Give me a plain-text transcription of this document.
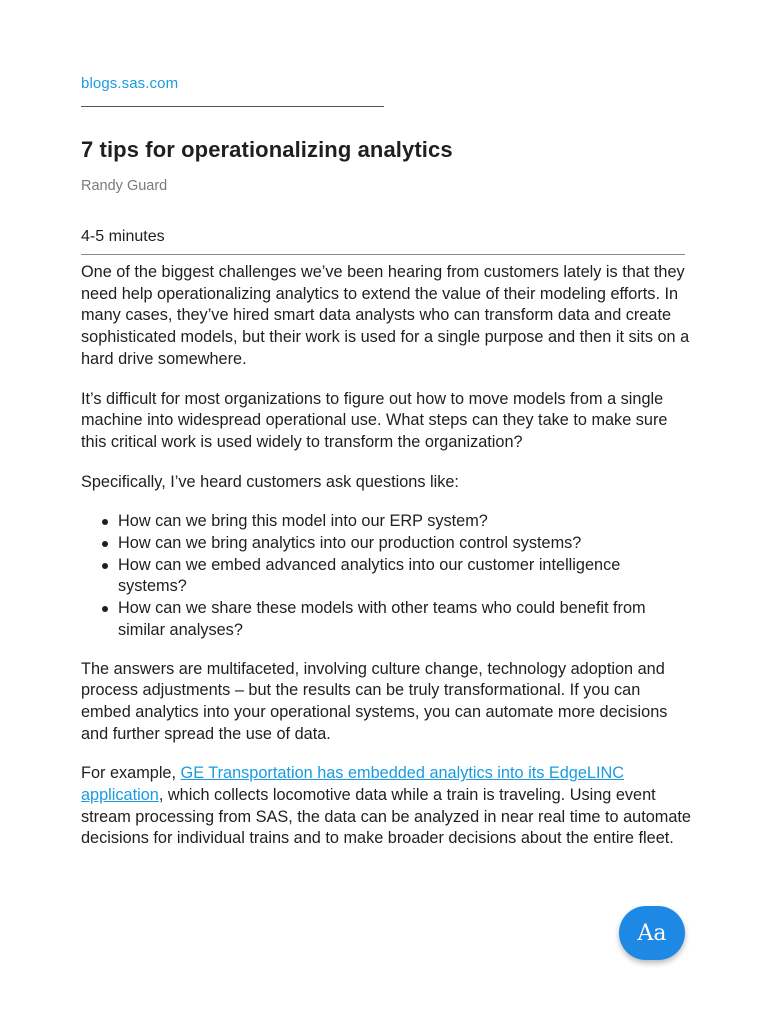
blogs.sas.com
7 tips for operationalizing analytics
Randy Guard
4-5 minutes

One of the biggest challenges we’ve been hearing from customers lately is that they need help operationalizing analytics to extend the value of their modeling efforts. In many cases, they’ve hired smart data analysts who can transform data and create sophisticated models, but their work is used for a single purpose and then it sits on a hard drive somewhere.

It’s difficult for most organizations to figure out how to move models from a single machine into widespread operational use. What steps can they take to make sure this critical work is used widely to transform the organization?

Specifically, I’ve heard customers ask questions like:

How can we bring this model into our ERP system?
How can we bring analytics into our production control systems?
How can we embed advanced analytics into our customer intelligence systems?
How can we share these models with other teams who could benefit from similar analyses?

The answers are multifaceted, involving culture change, technology adoption and process adjustments – but the results can be truly transformational. If you can embed analytics into your operational systems, you can automate more decisions and further spread the use of data.

For example, GE Transportation has embedded analytics into its EdgeLINC application, which collects locomotive data while a train is traveling. Using event stream processing from SAS, the data can be analyzed in near real time to automate decisions for individual trains and to make broader decisions about the entire fleet.

Aa
